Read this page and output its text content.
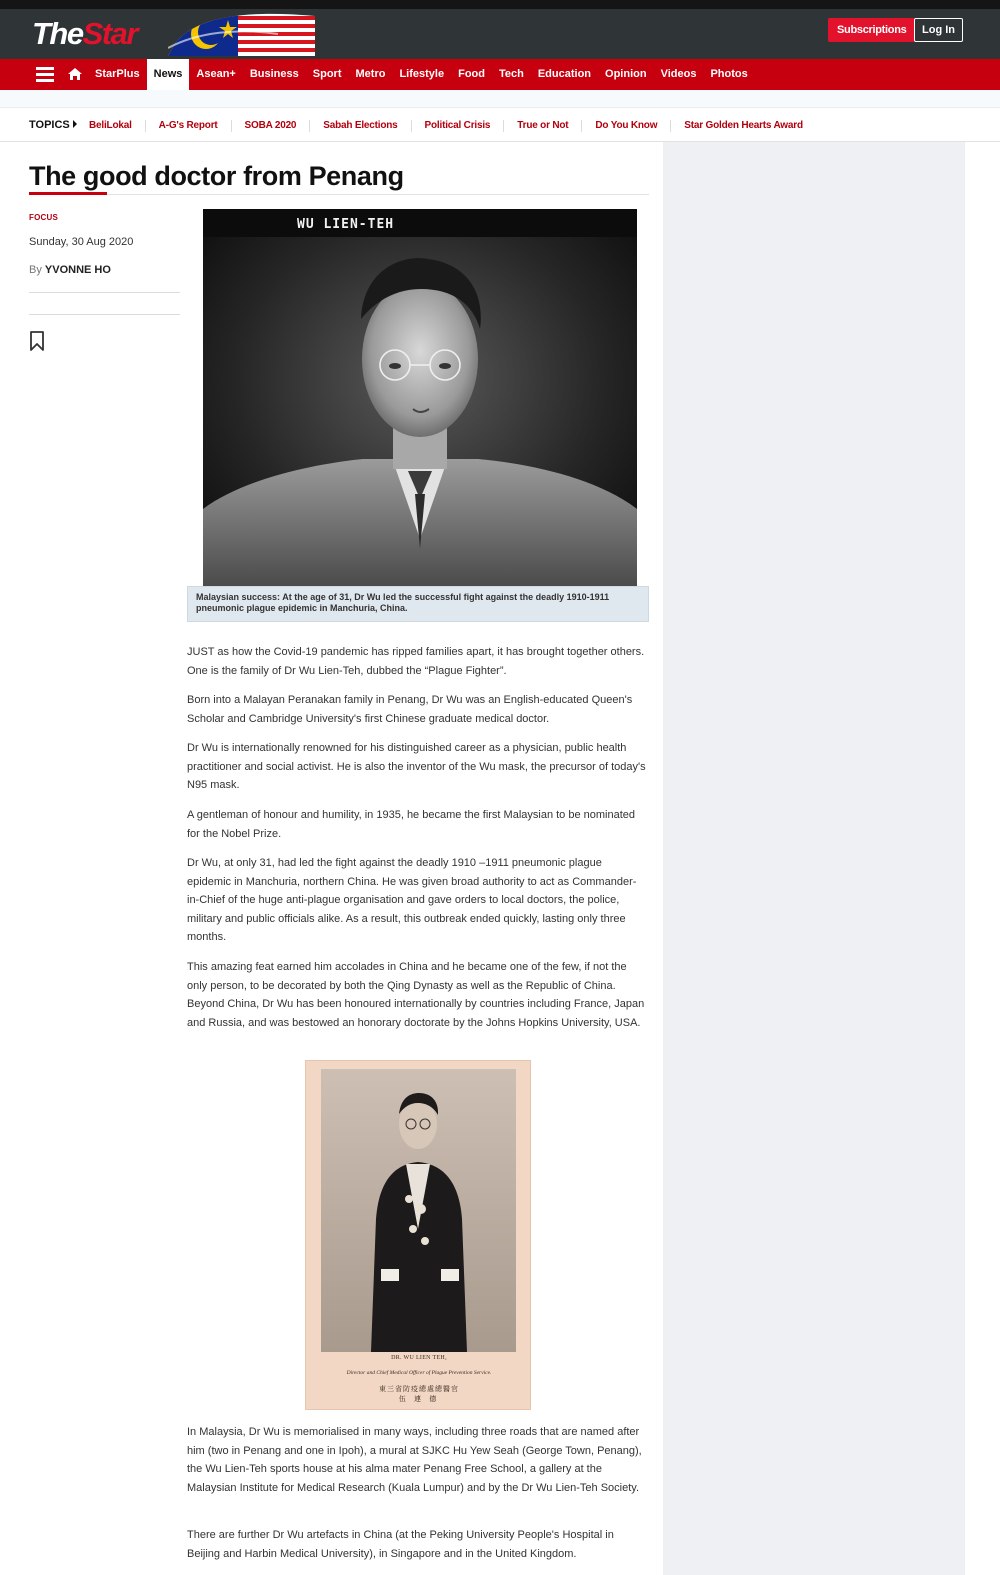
TheStar	Subscriptions	Log In
StarPlus	News	Asean+	Business	Sport	Metro	Lifestyle	Food	Tech	Education	Opinion	Videos	Photos
TOPICS	BeliLokal	A-G's Report	SOBA 2020	Sabah Elections	Political Crisis	True or Not	Do You Know	Star Golden Hearts Award
The good doctor from Penang
FOCUS
Sunday, 30 Aug 2020
By YVONNE HO
WU LIEN-TEH
Malaysian success: At the age of 31, Dr Wu led the successful fight against the deadly 1910-1911 pneumonic plague epidemic in Manchuria, China.

JUST as how the Covid-19 pandemic has ripped families apart, it has brought together others. One is the family of Dr Wu Lien-Teh, dubbed the “Plague Fighter”.

Born into a Malayan Peranakan family in Penang, Dr Wu was an English-educated Queen's Scholar and Cambridge University's first Chinese graduate medical doctor.

Dr Wu is internationally renowned for his distinguished career as a physician, public health practitioner and social activist. He is also the inventor of the Wu mask, the precursor of today's N95 mask.

A gentleman of honour and humility, in 1935, he became the first Malaysian to be nominated for the Nobel Prize.

Dr Wu, at only 31, had led the fight against the deadly 1910 –1911 pneumonic plague epidemic in Manchuria, northern China. He was given broad authority to act as Commander-in-Chief of the huge anti-plague organisation and gave orders to local doctors, the police, military and public officials alike. As a result, this outbreak ended quickly, lasting only three months.

This amazing feat earned him accolades in China and he became one of the few, if not the only person, to be decorated by both the Qing Dynasty as well as the Republic of China. Beyond China, Dr Wu has been honoured internationally by countries including France, Japan and Russia, and was bestowed an honorary doctorate by the Johns Hopkins University, USA.

DR. WU LIEN TEH,
Director and Chief Medical Officer of Plague Prevention Service.
東三省防疫總處總醫官
伍 連 德

In Malaysia, Dr Wu is memorialised in many ways, including three roads that are named after him (two in Penang and one in Ipoh), a mural at SJKC Hu Yew Seah (George Town, Penang), the Wu Lien-Teh sports house at his alma mater Penang Free School, a gallery at the Malaysian Institute for Medical Research (Kuala Lumpur) and by the Dr Wu Lien-Teh Society.

There are further Dr Wu artefacts in China (at the Peking University People's Hospital in Beijing and Harbin Medical University), in Singapore and in the United Kingdom.
